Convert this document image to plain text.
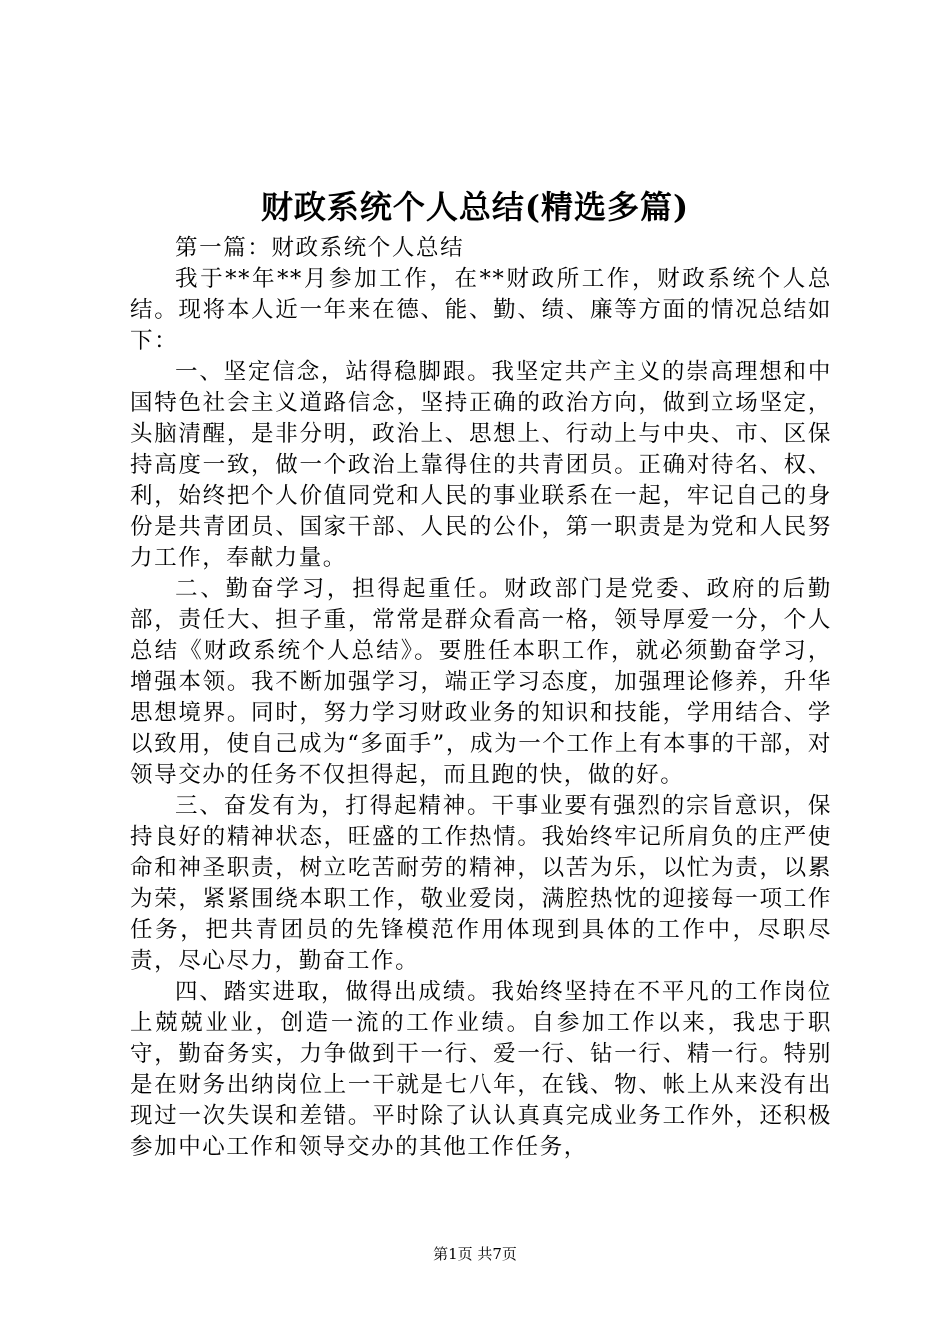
财政系统个人总结(精选多篇)

第一篇：财政系统个人总结

我于**年**月参加工作，在**财政所工作，财政系统个人总结。现将本人近一年来在德、能、勤、绩、廉等方面的情况总结如下：

一、坚定信念，站得稳脚跟。我坚定共产主义的崇高理想和中国特色社会主义道路信念，坚持正确的政治方向，做到立场坚定，头脑清醒，是非分明，政治上、思想上、行动上与中央、市、区保持高度一致，做一个政治上靠得住的共青团员。正确对待名、权、利，始终把个人价值同党和人民的事业联系在一起，牢记自己的身份是共青团员、国家干部、人民的公仆，第一职责是为党和人民努力工作，奉献力量。

二、勤奋学习，担得起重任。财政部门是党委、政府的后勤部，责任大、担子重，常常是群众看高一格，领导厚爱一分，个人总结《财政系统个人总结》。要胜任本职工作，就必须勤奋学习，增强本领。我不断加强学习，端正学习态度，加强理论修养，升华思想境界。同时，努力学习财政业务的知识和技能，学用结合、学以致用，使自己成为“多面手”，成为一个工作上有本事的干部，对领导交办的任务不仅担得起，而且跑的快，做的好。

三、奋发有为，打得起精神。干事业要有强烈的宗旨意识，保持良好的精神状态，旺盛的工作热情。我始终牢记所肩负的庄严使命和神圣职责，树立吃苦耐劳的精神，以苦为乐，以忙为责，以累为荣，紧紧围绕本职工作，敬业爱岗，满腔热忱的迎接每一项工作任务，把共青团员的先锋模范作用体现到具体的工作中，尽职尽责，尽心尽力，勤奋工作。

四、踏实进取，做得出成绩。我始终坚持在不平凡的工作岗位上兢兢业业，创造一流的工作业绩。自参加工作以来，我忠于职守，勤奋务实，力争做到干一行、爱一行、钻一行、精一行。特别是在财务出纳岗位上一干就是七八年，在钱、物、帐上从来没有出现过一次失误和差错。平时除了认认真真完成业务工作外，还积极参加中心工作和领导交办的其他工作任务，

第1页 共7页
